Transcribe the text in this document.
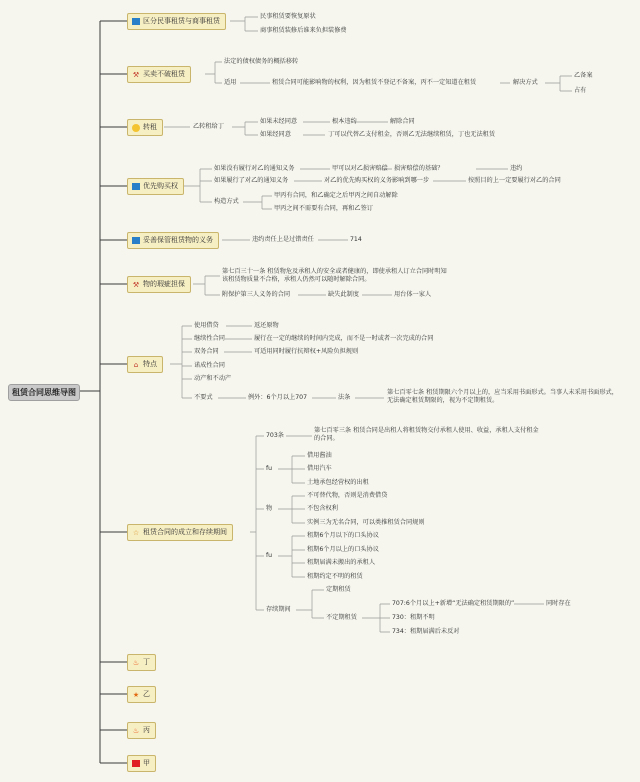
租赁合同思维导图
区分民事租赁与商事租赁
民事租赁要恢复原状
商事租赁装修后谁来负担装修费
⚒ 买卖不破租赁
法定的债权债务的概括移转
适用	租赁合同可能影响物的权利，因为租赁不登记不备案，丙不一定知道在租赁	解决方式
乙备案
占有
转租	乙转租给丁
如果未经同意	根本违约	解除合同
如果经同意	丁可以代替乙支付租金，否则乙无法继续租赁，丁也无法租赁
优先购买权
如果没有履行对乙的通知义务	甲可以对乙损害赔偿 损害赔偿的基础？	违约
如果履行了对乙的通知义务	对乙的优先购买权的义务影响到哪一步	按照目的上一定要履行对乙的合同
构造方式
甲丙有合同，和乙确定之后甲丙之间自动解除
甲丙之间不需要有合同，再和乙签订
妥善保管租赁物的义务	违约责任上是过错责任	714
⚒ 物的瑕疵担保
第七百三十一条 租赁物危及承租人的安全或者健康的，即使承租人订立合同时明知该租赁物质量不合格，承租人仍然可以随时解除合同。
附保护第三人义务的合同	缺失此制度	用台体一家人
⌂ 特点
使用借贷	返还原物
继续性合同	履行在一定的继续的时间内完成，而不是一时或者一次完成的合同
双务合同	可适用同时履行抗辩权+风险负担规则
诺成性合同
动产和不动产
不要式	例外：6个月以上707	法条
第七百零七条 租赁期限六个月以上的，应当采用书面形式。当事人未采用书面形式，无法确定租赁期限的，视为不定期租赁。
☆ 租赁合同的成立和存续期间
703条
第七百零三条 租赁合同是出租人将租赁物交付承租人使用、收益，承租人支付租金的合同。
fu
借用酱油
借用汽车
土地承包经营权的出租
物
不可替代物，否则是消费借贷
不包含权利
实例三为无名合同，可以类推租赁合同规则
fu
租期6个月以下的口头协议
租期6个月以上的口头协议
租期届满未搬出的承租人
租期约定不明的租赁
存续期间
定期租赁
不定期租赁
707:6个月以上+新增“无法确定租赁期限的”	同时存在
730：租期不明
734：租期届满后未反对
♨ 丁
★ 乙
♨ 丙
甲
